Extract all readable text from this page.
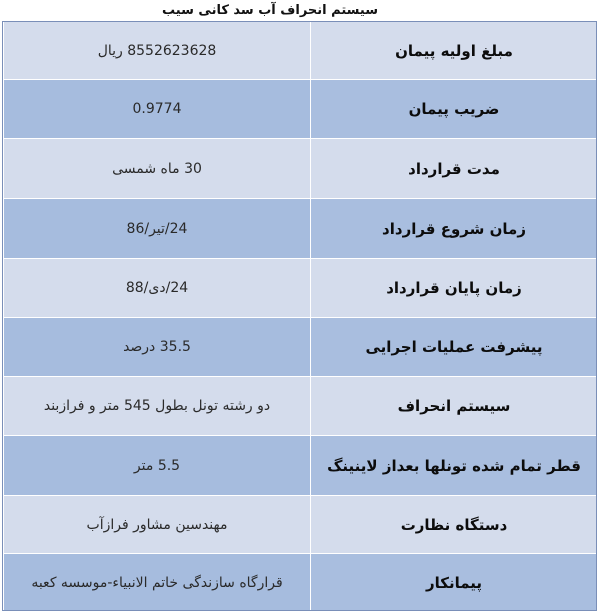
سیستم انحراف آب سد کانی سیب
8552623628 ریال	مبلغ اولیه پیمان
0.9774	ضریب پیمان
30 ماه شمسی	مدت قرارداد
24/تیر/86	زمان شروع قرارداد
24/دی/88	زمان پایان قرارداد
35.5 درصد	پیشرفت عملیات اجرایی
دو رشته تونل بطول 545 متر و فرازبند	سیستم انحراف
5.5 متر	قطر تمام شده تونلها بعداز لاینینگ
مهندسین مشاور فرازآب	دستگاه نظارت
قرارگاه سازندگی خاتم الانبیاء-موسسه کعبه	پیمانکار
